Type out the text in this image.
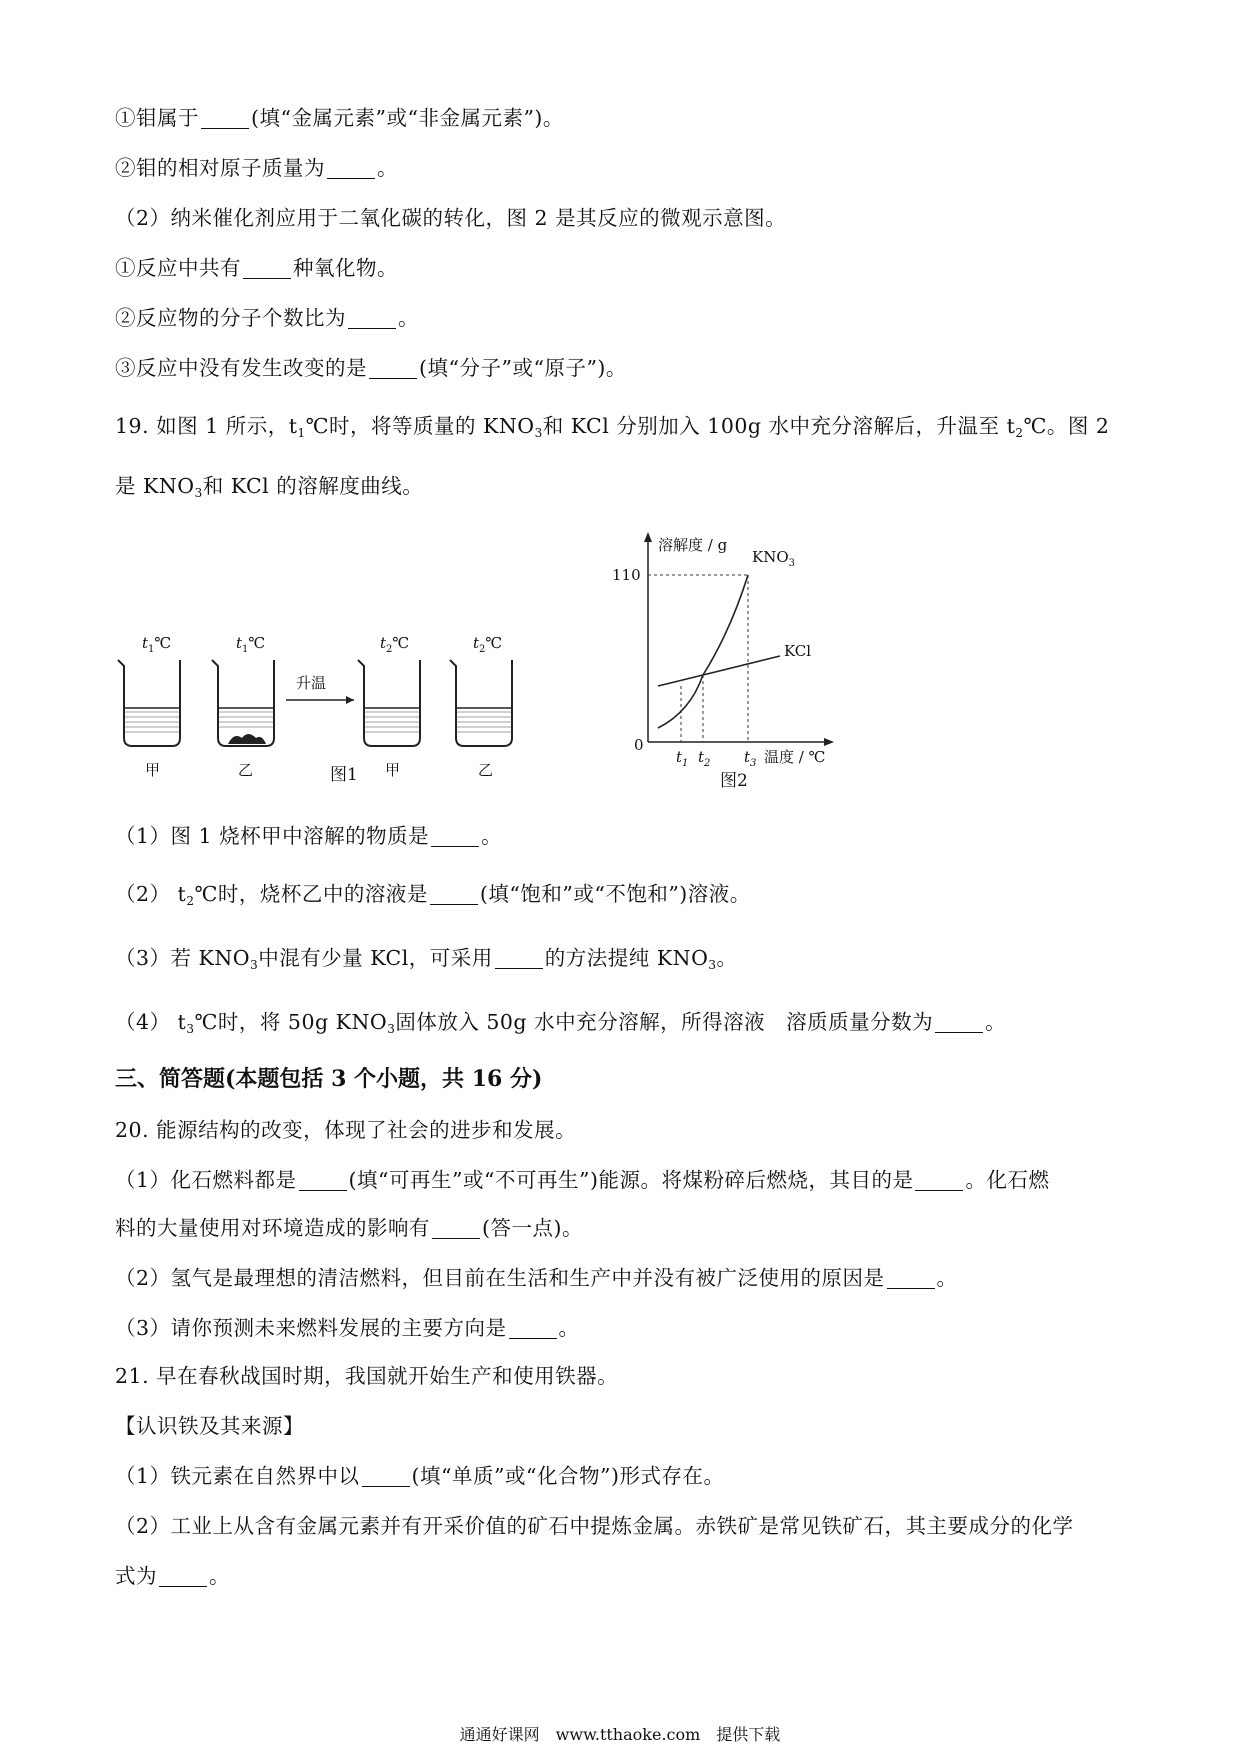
①钼属于	(填“金属元素”或“非金属元素”)。
②钼的相对原子质量为	。
（2）纳米催化剂应用于二氧化碳的转化，图 2 是其反应的微观示意图。
①反应中共有	种氧化物。
②反应物的分子个数比为	。
③反应中没有发生改变的是	(填“分子”或“原子”)。
19. 如图 1 所示，$t_1℃$时，将等质量的 $KNO_3$和 KCl 分别加入 100g 水中充分溶解后，升温至 $t_2℃$。图 2
是 $KNO_3$和 KCl 的溶解度曲线。
$t_1℃$
甲
$t_1℃$
乙
升温
$t_2℃$
甲
$t_2℃$
乙
图1
溶解度 / g
0
110
$t_1$ $t_2$ $t_3$ 温度 / ℃
$KNO_3$
KCl
图2
（1）图 1 烧杯甲中溶解的物质是	。
（2） $t_2℃$时，烧杯乙中的溶液是	(填“饱和”或“不饱和”)溶液。
（3）若 $KNO_3$中混有少量 KCl，可采用	的方法提纯 $KNO_3$。
（4） $t_3℃$时，将 50g $KNO_3$固体放入 50g 水中充分溶解，所得溶液　溶质质量分数为	。
三、简答题(本题包括 3 个小题，共 16 分)
20. 能源结构的改变，体现了社会的进步和发展。
（1）化石燃料都是	(填“可再生”或“不可再生”)能源。将煤粉碎后燃烧，其目的是	。化石燃
料的大量使用对环境造成的影响有	(答一点)。
（2）氢气是最理想的清洁燃料，但目前在生活和生产中并没有被广泛使用的原因是	。
（3）请你预测未来燃料发展的主要方向是	。
21. 早在春秋战国时期，我国就开始生产和使用铁器。
【认识铁及其来源】
（1）铁元素在自然界中以	(填“单质”或“化合物”)形式存在。
（2）工业上从含有金属元素并有开采价值的矿石中提炼金属。赤铁矿是常见铁矿石，其主要成分的化学
式为	。
通通好课网　www.tthaoke.com　提供下载
